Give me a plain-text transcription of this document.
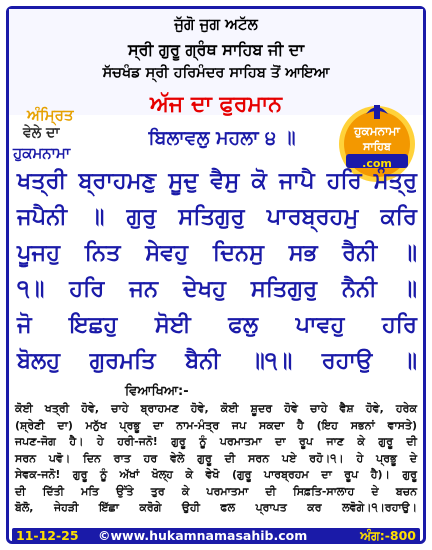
ਜੁੱਗੋ ਜੁਗ ਅਟੱਲ
ਸ੍ਰੀ ਗੁਰੂ ਗ੍ਰੰਥ ਸਾਹਿਬ ਜੀ ਦਾ
ਸੱਚਖੰਡ ਸ੍ਰੀ ਹਰਿਮੰਦਰ ਸਾਹਿਬ ਤੋਂ ਆਇਆ
ਅੱਜ ਦਾ ਫੁਰਮਾਨ
ਅੰਮ੍ਰਿਤ
ਵੇਲੇ ਦਾ
ਹੁਕਮਨਾਮਾ
ਹੁਕਮਨਾਮਾ
ਸਾਹਿਬ
.com
ਬਿਲਾਵਲੁ ਮਹਲਾ ੪ ॥
ਖਤ੍ਰੀ ਬ੍ਰਾਹਮਣੁ ਸੂਦੁ ਵੈਸੁ ਕੋ ਜਾਪੈ ਹਰਿ ਮੰਤ੍ਰੁ
ਜਪੈਨੀ ॥ ਗੁਰੁ ਸਤਿਗੁਰੁ ਪਾਰਬ੍ਰਹਮੁ ਕਰਿ
ਪੂਜਹੁ ਨਿਤ ਸੇਵਹੁ ਦਿਨਸੁ ਸਭ ਰੈਨੀ ॥
੧॥ ਹਰਿ ਜਨ ਦੇਖਹੁ ਸਤਿਗੁਰੁ ਨੈਨੀ ॥
ਜੋ ਇਛਹੁ ਸੋਈ ਫਲੁ ਪਾਵਹੁ ਹਰਿ
ਬੋਲਹੁ ਗੁਰਮਤਿ ਬੈਨੀ ॥੧॥ ਰਹਾਉ ॥
ਵਿਆਖਿਆ:-
ਕੋਈ ਖਤ੍ਰੀ ਹੋਵੇ, ਚਾਹੇ ਬ੍ਰਾਹਮਣ ਹੋਵੇ, ਕੋਈ ਸ਼ੂਦਰ ਹੋਵੇ ਚਾਹੇ ਵੈਸ਼ ਹੋਵੇ, ਹਰੇਕ
(ਸ਼੍ਰੇਣੀ ਦਾ) ਮਨੁੱਖ ਪ੍ਰਭੂ ਦਾ ਨਾਮ-ਮੰਤ੍ਰ ਜਪ ਸਕਦਾ ਹੈ (ਇਹ ਸਭਨਾਂ ਵਾਸਤੇ)
ਜਪਣ-ਜੋਗ ਹੈ। ਹੇ ਹਰੀ-ਜਨੋ! ਗੁਰੂ ਨੂੰ ਪਰਮਾਤਮਾ ਦਾ ਰੂਪ ਜਾਣ ਕੇ ਗੁਰੂ ਦੀ
ਸਰਨ ਪਵੋ। ਦਿਨ ਰਾਤ ਹਰ ਵੇਲੇ ਗੁਰੂ ਦੀ ਸਰਨ ਪਏ ਰਹੋ।੧। ਹੇ ਪ੍ਰਭੂ ਦੇ
ਸੇਵਕ-ਜਨੋ! ਗੁਰੂ ਨੂੰ ਅੱਖਾਂ ਖੋਲ੍ਹ ਕੇ ਵੇਖੋ (ਗੁਰੂ ਪਾਰਬ੍ਰਹਮ ਦਾ ਰੂਪ ਹੈ)। ਗੁਰੂ
ਦੀ ਦਿੱਤੀ ਮਤਿ ਉੱਤੇ ਤੁਰ ਕੇ ਪਰਮਾਤਮਾ ਦੀ ਸਿਫ਼ਤਿ-ਸਾਲਾਹ ਦੇ ਬਚਨ
ਬੋਲੋ, ਜੇਹੜੀ ਇੱਛਾ ਕਰੋਗੇ ਉਹੀ ਫਲ ਪ੍ਰਾਪਤ ਕਰ ਲਵੋਗੇ।੧।ਰਹਾਉ।
11-12-25 ©www.hukamnamasahib.com	ਅੰਗ:-800
